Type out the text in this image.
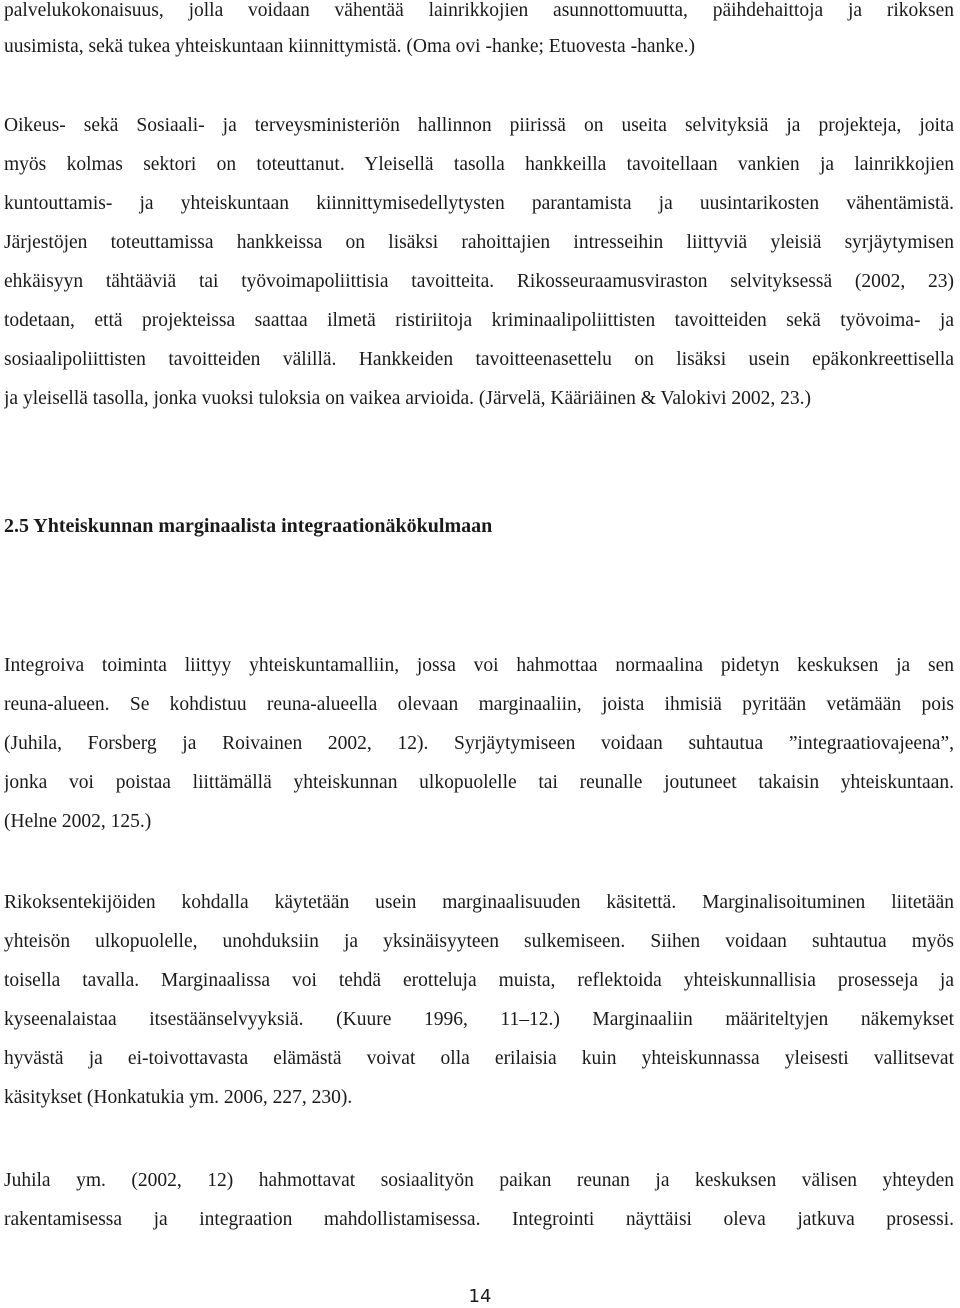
palvelukokonaisuus, jolla voidaan vähentää lainrikkojien asunnottomuutta, päihdehaittoja ja rikoksen
uusimista, sekä tukea yhteiskuntaan kiinnittymistä. (Oma ovi -hanke; Etuovesta -hanke.)
Oikeus- sekä Sosiaali- ja terveysministeriön hallinnon piirissä on useita selvityksiä ja projekteja, joita
myös kolmas sektori on toteuttanut. Yleisellä tasolla hankkeilla tavoitellaan vankien ja lainrikkojien
kuntouttamis- ja yhteiskuntaan kiinnittymisedellytysten parantamista ja uusintarikosten vähentämistä.
Järjestöjen toteuttamissa hankkeissa on lisäksi rahoittajien intresseihin liittyviä yleisiä syrjäytymisen
ehkäisyyn tähtääviä tai työvoimapoliittisia tavoitteita. Rikosseuraamusviraston selvityksessä (2002, 23)
todetaan, että projekteissa saattaa ilmetä ristiriitoja kriminaalipoliittisten tavoitteiden sekä työvoima- ja
sosiaalipoliittisten tavoitteiden välillä. Hankkeiden tavoitteenasettelu on lisäksi usein epäkonkreettisella
ja yleisellä tasolla, jonka vuoksi tuloksia on vaikea arvioida. (Järvelä, Kääriäinen & Valokivi 2002, 23.)
2.5 Yhteiskunnan marginaalista integraationäkökulmaan
Integroiva toiminta liittyy yhteiskuntamalliin, jossa voi hahmottaa normaalina pidetyn keskuksen ja sen
reuna-alueen. Se kohdistuu reuna-alueella olevaan marginaaliin, joista ihmisiä pyritään vetämään pois
(Juhila, Forsberg ja Roivainen 2002, 12). Syrjäytymiseen voidaan suhtautua ”integraatiovajeena”,
jonka voi poistaa liittämällä yhteiskunnan ulkopuolelle tai reunalle joutuneet takaisin yhteiskuntaan.
(Helne 2002, 125.)
Rikoksentekijöiden kohdalla käytetään usein marginaalisuuden käsitettä. Marginalisoituminen liitetään
yhteisön ulkopuolelle, unohduksiin ja yksinäisyyteen sulkemiseen. Siihen voidaan suhtautua myös
toisella tavalla. Marginaalissa voi tehdä erotteluja muista, reflektoida yhteiskunnallisia prosesseja ja
kyseenalaistaa itsestäänselvyyksiä. (Kuure 1996, 11–12.) Marginaaliin määriteltyjen näkemykset
hyvästä ja ei-toivottavasta elämästä voivat olla erilaisia kuin yhteiskunnassa yleisesti vallitsevat
käsitykset (Honkatukia ym. 2006, 227, 230).
Juhila ym. (2002, 12) hahmottavat sosiaalityön paikan reunan ja keskuksen välisen yhteyden
rakentamisessa ja integraation mahdollistamisessa. Integrointi näyttäisi oleva jatkuva prosessi.
14
